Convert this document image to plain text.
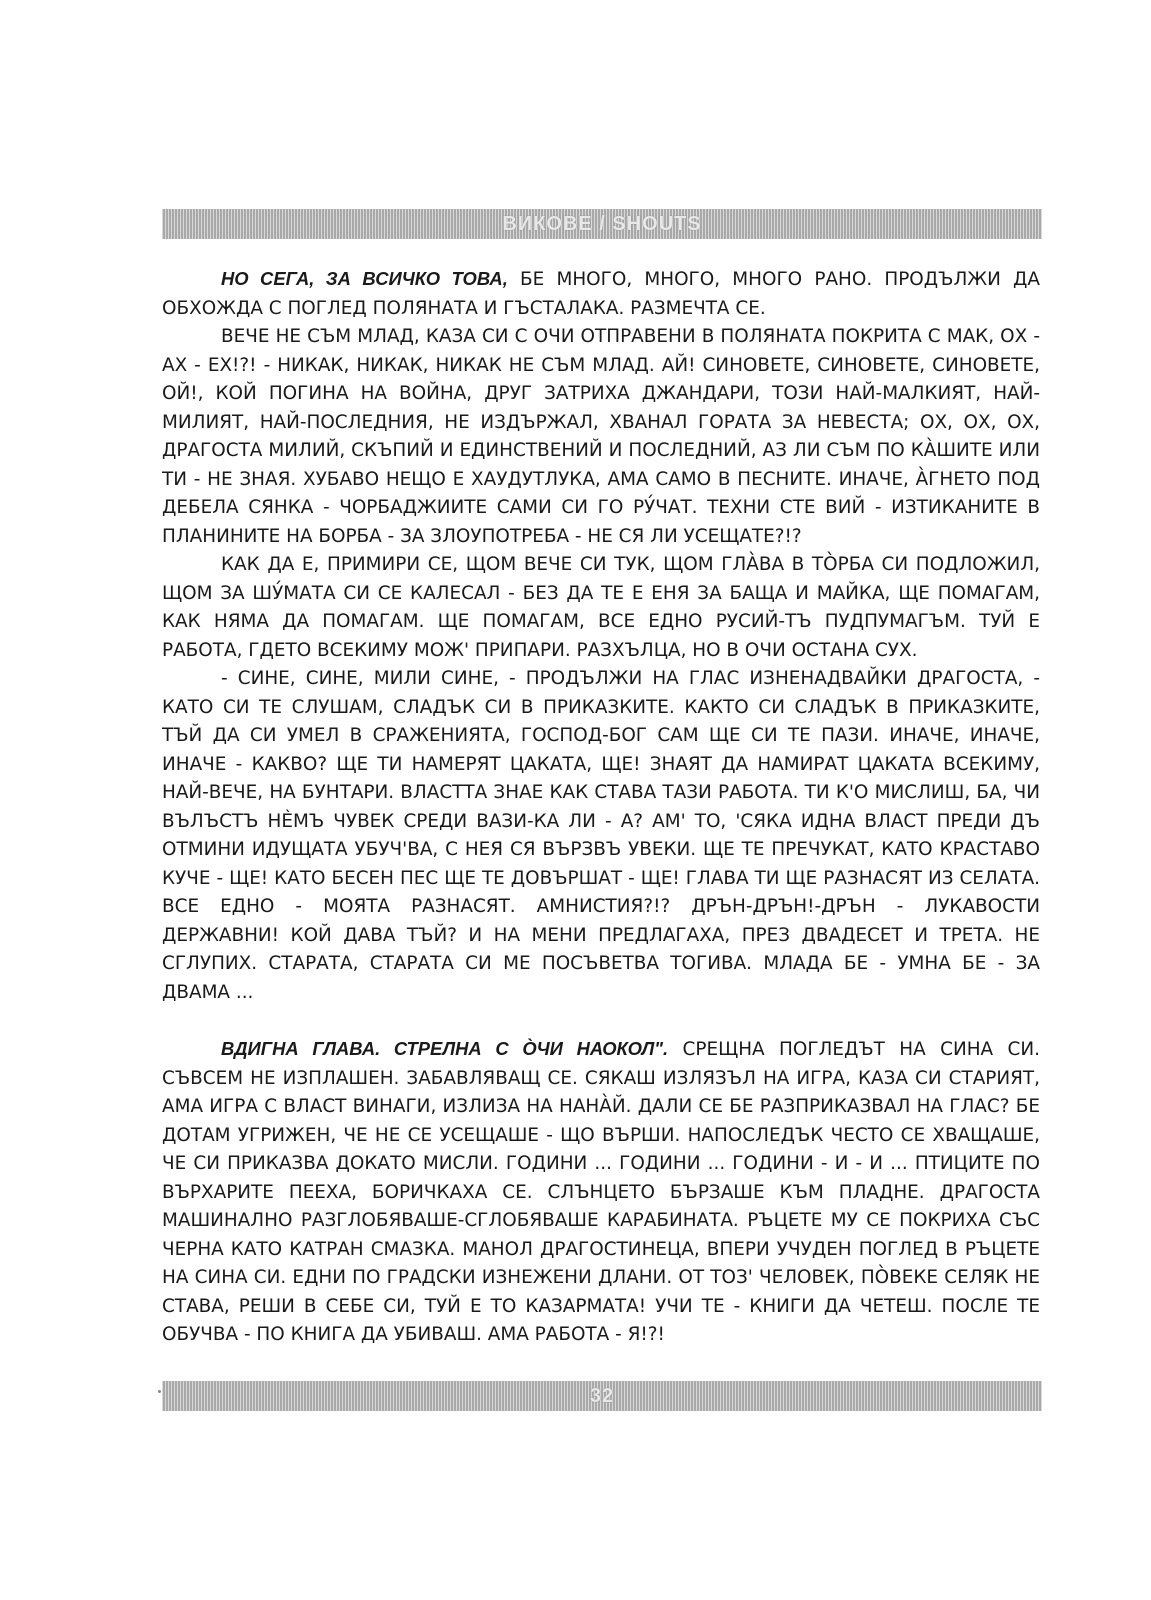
ВИКОВЕ / SHOUTS

НО СЕГА, ЗА ВСИЧКО ТОВА, БЕ МНОГО, МНОГО, МНОГО РАНО. ПРОДЪЛЖИ ДА ОБХОЖДА С ПОГЛЕД ПОЛЯНАТА И ГЪСТАЛАКА. РАЗМЕЧТА СЕ.

ВЕЧЕ НЕ СЪМ МЛАД, КАЗА СИ С ОЧИ ОТПРАВЕНИ В ПОЛЯНАТА ПОКРИТА С МАК, ОХ - АХ - ЕХ!?! - НИКАК, НИКАК, НИКАК НЕ СЪМ МЛАД. АЙ! СИНОВЕТЕ, СИНОВЕТЕ, СИНОВЕТЕ, ОЙ!, КОЙ ПОГИНА НА ВОЙНА, ДРУГ ЗАТРИХА ДЖАНДАРИ, ТОЗИ НАЙ-МАЛКИЯТ, НАЙ-МИЛИЯТ, НАЙ-ПОСЛЕДНИЯ, НЕ ИЗДЪРЖАЛ, ХВАНАЛ ГОРАТА ЗА НЕВЕСТА; ОХ, ОХ, ОХ, ДРАГОСТА МИЛИЙ, СКЪПИЙ И ЕДИНСТВЕНИЙ И ПОСЛЕДНИЙ, АЗ ЛИ СЪМ ПО КА̀ШИТЕ ИЛИ ТИ - НЕ ЗНАЯ. ХУБАВО НЕЩО Е ХАУДУТЛУКА, АМА САМО В ПЕСНИТЕ. ИНАЧЕ, А̀ГНЕТО ПОД ДЕБЕЛА СЯНКА - ЧОРБАДЖИИТЕ САМИ СИ ГО РУ́ЧАТ. ТЕХНИ СТЕ ВИЙ - ИЗТИКАНИТЕ В ПЛАНИНИТЕ НА БОРБА - ЗА ЗЛОУПОТРЕБА - НЕ СЯ ЛИ УСЕЩАТЕ?!?

КАК ДА Е, ПРИМИРИ СЕ, ЩОМ ВЕЧЕ СИ ТУК, ЩОМ ГЛА̀ВА В ТО̀РБА СИ ПОДЛОЖИЛ, ЩОМ ЗА ШУ́МАТА СИ СЕ КАЛЕСАЛ - БЕЗ ДА ТЕ Е ЕНЯ ЗА БАЩА И МАЙКА, ЩЕ ПОМАГАМ, КАК НЯМА ДА ПОМАГАМ. ЩЕ ПОМАГАМ, ВСЕ ЕДНО РУСИЙ-ТЪ ПУДПУМАГЪМ. ТУЙ Е РАБОТА, ГДЕТО ВСЕКИМУ МОЖ' ПРИПАРИ. РАЗХЪЛЦА, НО В ОЧИ ОСТАНА СУХ.

- СИНЕ, СИНЕ, МИЛИ СИНЕ, - ПРОДЪЛЖИ НА ГЛАС ИЗНЕНАДВАЙКИ ДРАГОСТА, - КАТО СИ ТЕ СЛУШАМ, СЛАДЪК СИ В ПРИКАЗКИТЕ. КАКТО СИ СЛАДЪК В ПРИКАЗКИТЕ, ТЪЙ ДА СИ УМЕЛ В СРАЖЕНИЯТА, ГОСПОД-БОГ САМ ЩЕ СИ ТЕ ПАЗИ. ИНАЧЕ, ИНАЧЕ, ИНАЧЕ - КАКВО? ЩЕ ТИ НАМЕРЯТ ЦАКАТА, ЩЕ! ЗНАЯТ ДА НАМИРАТ ЦАКАТА ВСЕКИМУ, НАЙ-ВЕЧЕ, НА БУНТАРИ. ВЛАСТТА ЗНАЕ КАК СТАВА ТАЗИ РАБОТА. ТИ К'О МИСЛИШ, БА, ЧИ ВЪЛЪСТЪ НЀМЪ ЧУВЕК СРЕДИ ВАЗИ-КА ЛИ - А? АМ' ТО, 'СЯКА ИДНА ВЛАСТ ПРЕДИ ДЪ ОТМИНИ ИДУЩАТА УБУЧ'ВА, С НЕЯ СЯ ВЪРЗВЪ УВЕКИ. ЩЕ ТЕ ПРЕЧУКАТ, КАТО КРАСТАВО КУЧЕ - ЩЕ! КАТО БЕСЕН ПЕС ЩЕ ТЕ ДОВЪРШАТ - ЩЕ! ГЛАВА ТИ ЩЕ РАЗНАСЯТ ИЗ СЕЛАТА. ВСЕ ЕДНО - МОЯТА РАЗНАСЯТ. АМНИСТИЯ?!? ДРЪН-ДРЪН!-ДРЪН - ЛУКАВОСТИ ДЕРЖАВНИ! КОЙ ДАВА ТЪЙ? И НА МЕНИ ПРЕДЛАГАХА, ПРЕЗ ДВАДЕСЕТ И ТРЕТА. НЕ СГЛУПИХ. СТАРАТА, СТАРАТА СИ МЕ ПОСЪВЕТВА ТОГИВА. МЛАДА БЕ - УМНА БЕ - ЗА ДВАМА ...

ВДИГНА ГЛАВА. СТРЕЛНА С О̀ЧИ НАОКОЛ". СРЕЩНА ПОГЛЕДЪТ НА СИНА СИ. СЪВСЕМ НЕ ИЗПЛАШЕН. ЗАБАВЛЯВАЩ СЕ. СЯКАШ ИЗЛЯЗЪЛ НА ИГРА, КАЗА СИ СТАРИЯТ, АМА ИГРА С ВЛАСТ ВИНАГИ, ИЗЛИЗА НА НАНА̀Й. ДАЛИ СЕ БЕ РАЗПРИКАЗВАЛ НА ГЛАС? БЕ ДОТАМ УГРИЖЕН, ЧЕ НЕ СЕ УСЕЩАШЕ - ЩО ВЪРШИ. НАПОСЛЕДЪК ЧЕСТО СЕ ХВАЩАШЕ, ЧЕ СИ ПРИКАЗВА ДОКАТО МИСЛИ. ГОДИНИ ... ГОДИНИ ... ГОДИНИ - И - И ... ПТИЦИТЕ ПО ВЪРХАРИТЕ ПЕЕХА, БОРИЧКАХА СЕ. СЛЪНЦЕТО БЪРЗАШЕ КЪМ ПЛАДНЕ. ДРАГОСТА МАШИНАЛНО РАЗГЛОБЯВАШЕ-СГЛОБЯВАШЕ КАРАБИНАТА. РЪЦЕТЕ МУ СЕ ПОКРИХА СЪС ЧЕРНА КАТО КАТРАН СМАЗКА. МАНОЛ ДРАГОСТИНЕЦА, ВПЕРИ УЧУДЕН ПОГЛЕД В РЪЦЕТЕ НА СИНА СИ. ЕДНИ ПО ГРАДСКИ ИЗНЕЖЕНИ ДЛАНИ. ОТ ТОЗ' ЧЕЛОВЕК, ПО̀ВЕКЕ СЕЛЯК НЕ СТАВА, РЕШИ В СЕБЕ СИ, ТУЙ Е ТО КАЗАРМАТА! УЧИ ТЕ - КНИГИ ДА ЧЕТЕШ. ПОСЛЕ ТЕ ОБУЧВА - ПО КНИГА ДА УБИВАШ. АМА РАБОТА - Я!?!

32
